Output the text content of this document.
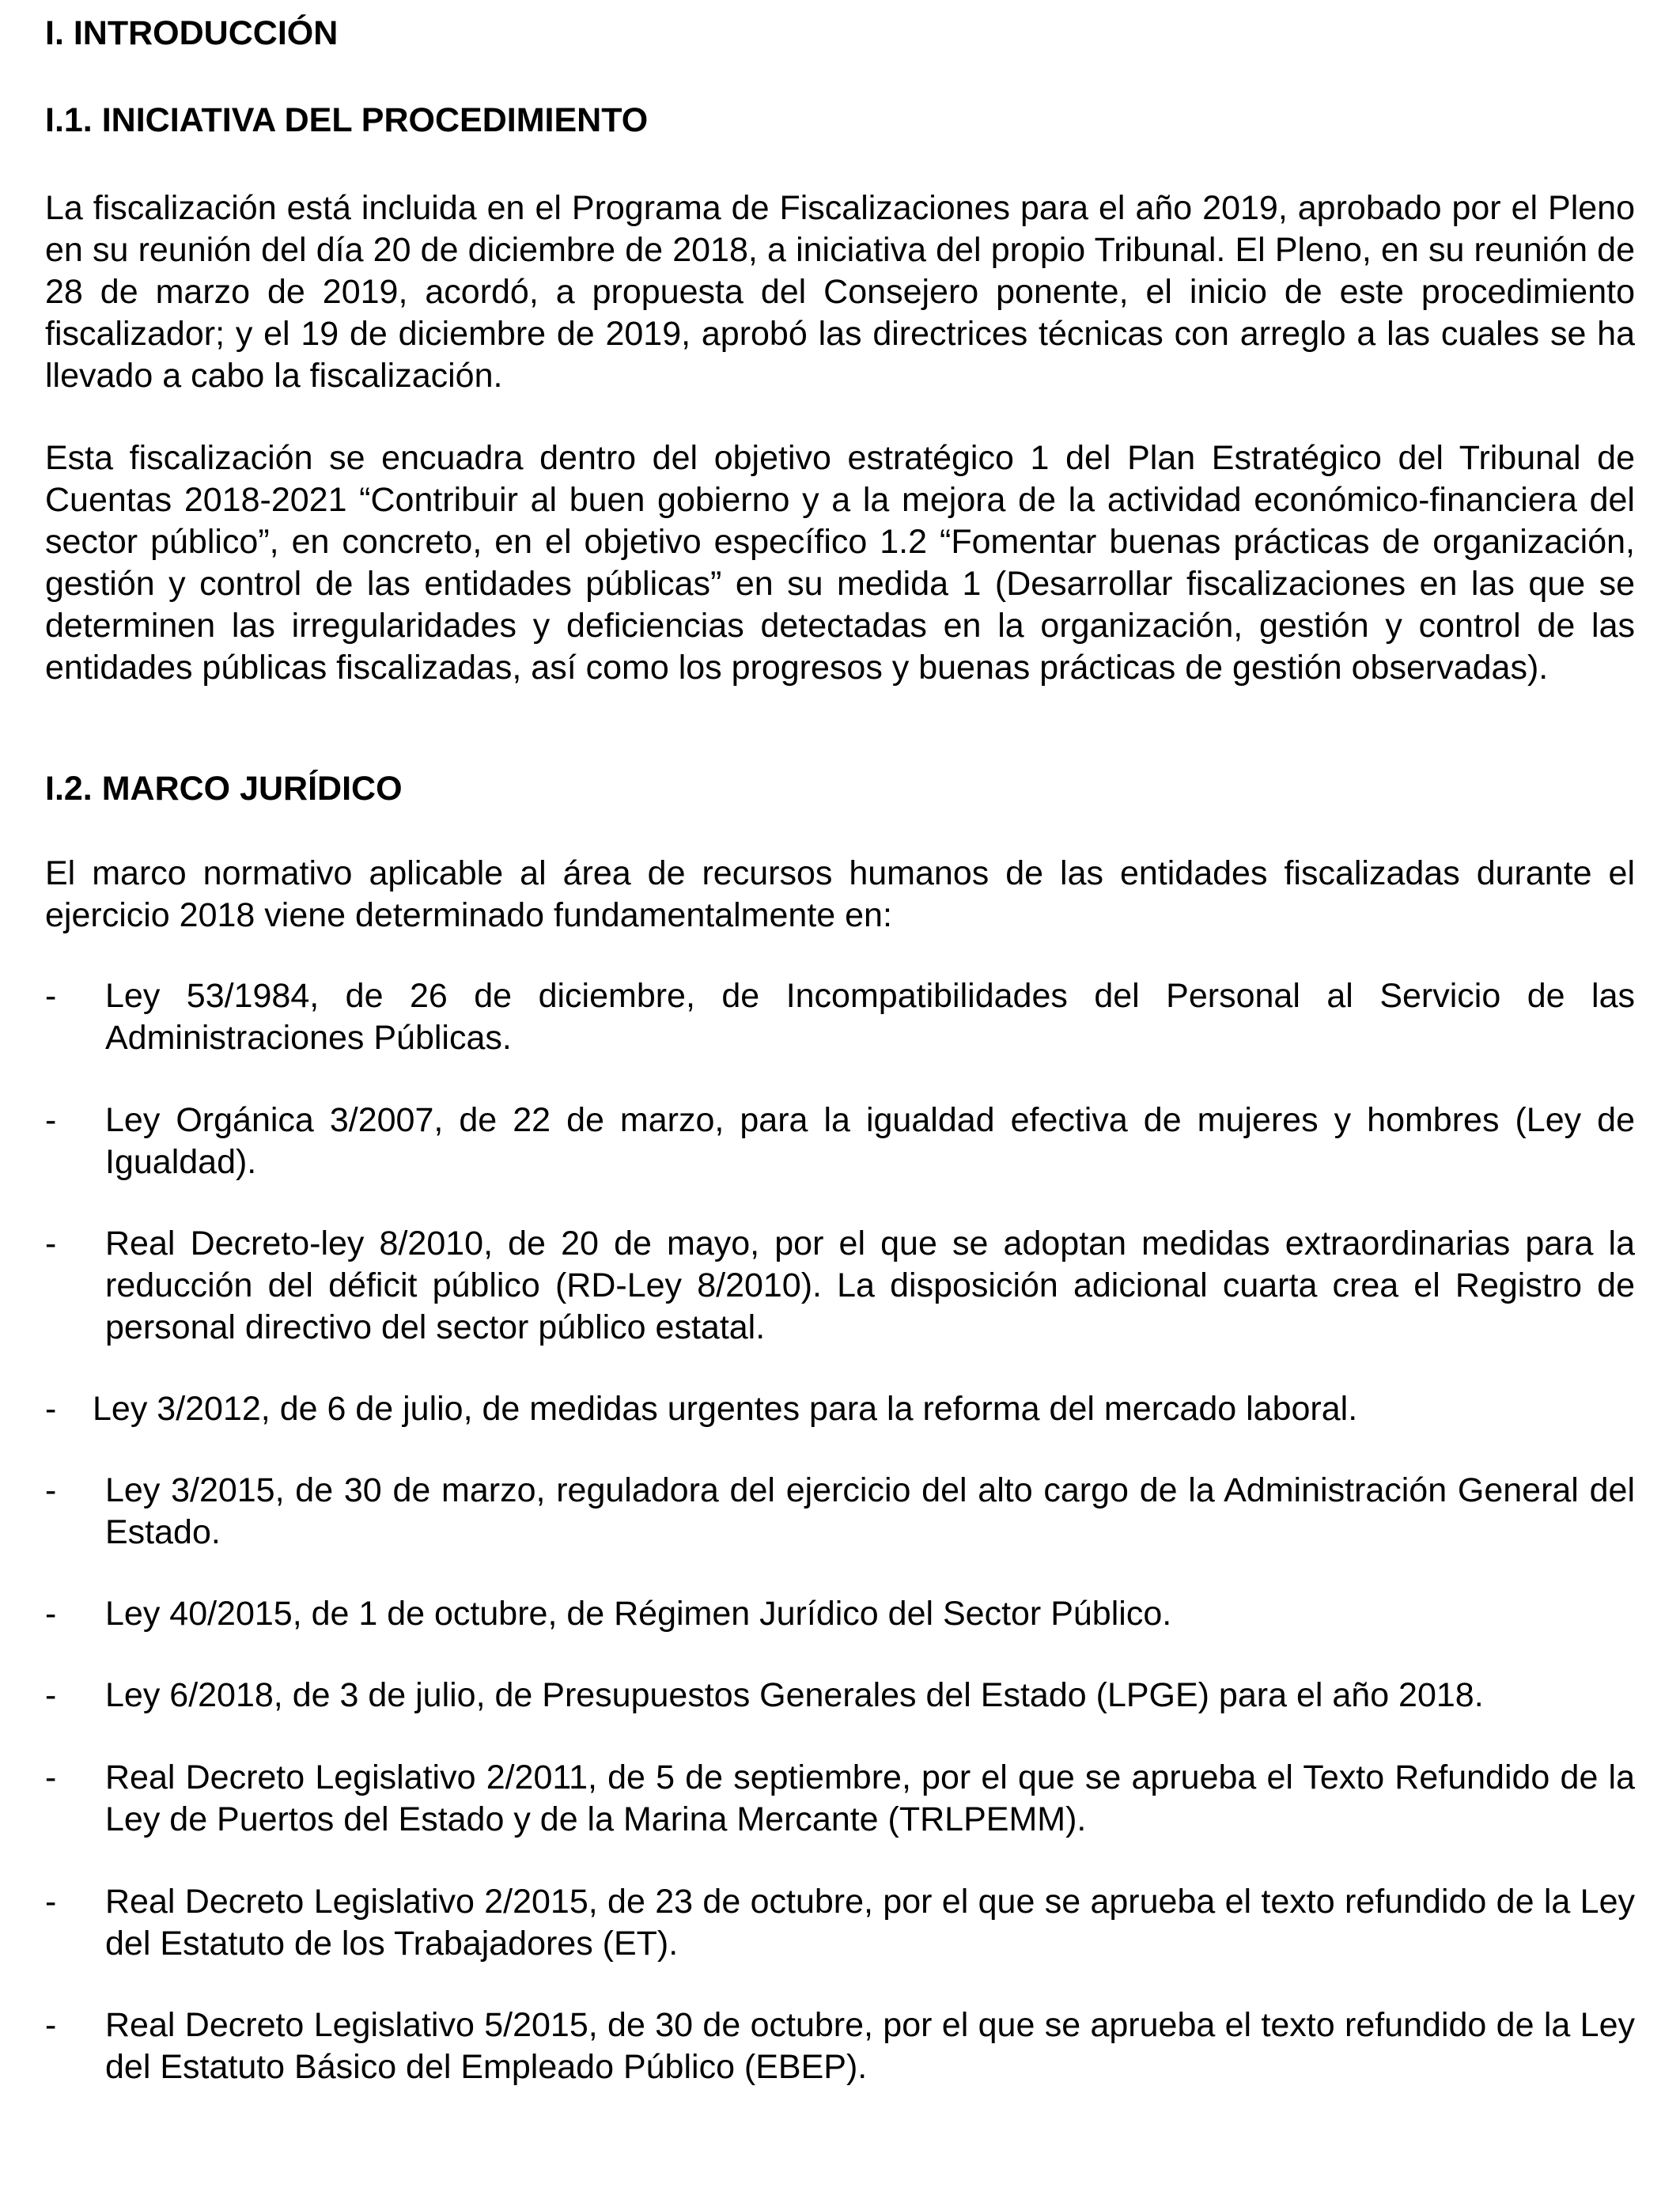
I. INTRODUCCIÓN
I.1. INICIATIVA DEL PROCEDIMIENTO

La fiscalización está incluida en el Programa de Fiscalizaciones para el año 2019, aprobado por el Pleno en su reunión del día 20 de diciembre de 2018, a iniciativa del propio Tribunal. El Pleno, en su reunión de 28 de marzo de 2019, acordó, a propuesta del Consejero ponente, el inicio de este procedimiento fiscalizador; y el 19 de diciembre de 2019, aprobó las directrices técnicas con arreglo a las cuales se ha llevado a cabo la fiscalización.

Esta fiscalización se encuadra dentro del objetivo estratégico 1 del Plan Estratégico del Tribunal de Cuentas 2018-2021 “Contribuir al buen gobierno y a la mejora de la actividad económico-financiera del sector público”, en concreto, en el objetivo específico 1.2 “Fomentar buenas prácticas de organización, gestión y control de las entidades públicas” en su medida 1 (Desarrollar fiscalizaciones en las que se determinen las irregularidades y deficiencias detectadas en la organización, gestión y control de las entidades públicas fiscalizadas, así como los progresos y buenas prácticas de gestión observadas).

I.2. MARCO JURÍDICO

El marco normativo aplicable al área de recursos humanos de las entidades fiscalizadas durante el ejercicio 2018 viene determinado fundamentalmente en:

- Ley 53/1984, de 26 de diciembre, de Incompatibilidades del Personal al Servicio de las Administraciones Públicas.
- Ley Orgánica 3/2007, de 22 de marzo, para la igualdad efectiva de mujeres y hombres (Ley de Igualdad).
- Real Decreto-ley 8/2010, de 20 de mayo, por el que se adoptan medidas extraordinarias para la reducción del déficit público (RD-Ley 8/2010). La disposición adicional cuarta crea el Registro de personal directivo del sector público estatal.
- Ley 3/2012, de 6 de julio, de medidas urgentes para la reforma del mercado laboral.
- Ley 3/2015, de 30 de marzo, reguladora del ejercicio del alto cargo de la Administración General del Estado.
- Ley 40/2015, de 1 de octubre, de Régimen Jurídico del Sector Público.
- Ley 6/2018, de 3 de julio, de Presupuestos Generales del Estado (LPGE) para el año 2018.
- Real Decreto Legislativo 2/2011, de 5 de septiembre, por el que se aprueba el Texto Refundido de la Ley de Puertos del Estado y de la Marina Mercante (TRLPEMM).
- Real Decreto Legislativo 2/2015, de 23 de octubre, por el que se aprueba el texto refundido de la Ley del Estatuto de los Trabajadores (ET).
- Real Decreto Legislativo 5/2015, de 30 de octubre, por el que se aprueba el texto refundido de la Ley del Estatuto Básico del Empleado Público (EBEP).
